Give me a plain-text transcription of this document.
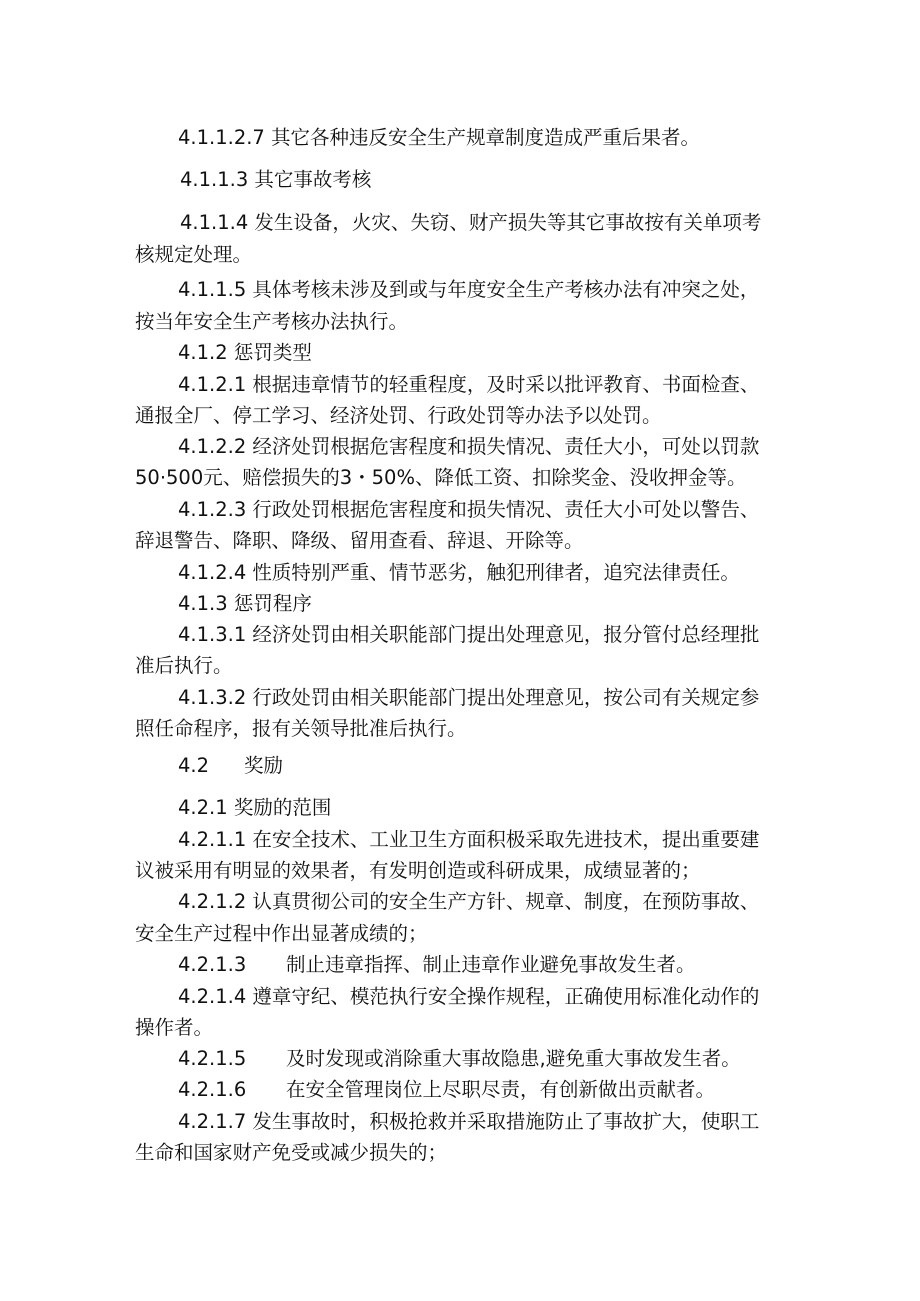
4.1.1.2.7 其它各种违反安全生产规章制度造成严重后果者。
4.1.1.3 其它事故考核
4.1.1.4 发生设备，火灾、失窃、财产损失等其它事故按有关单项考
核规定处理。
4.1.1.5 具体考核未涉及到或与年度安全生产考核办法有冲突之处，
按当年安全生产考核办法执行。
4.1.2 惩罚类型
4.1.2.1 根据违章情节的轻重程度，及时采以批评教育、书面检查、
通报全厂、停工学习、经济处罚、行政处罚等办法予以处罚。
4.1.2.2 经济处罚根据危害程度和损失情况、责任大小，可处以罚款
50·500元、赔偿损失的3・50%、降低工资、扣除奖金、没收押金等。
4.1.2.3 行政处罚根据危害程度和损失情况、责任大小可处以警告、
辞退警告、降职、降级、留用查看、辞退、开除等。
4.1.2.4 性质特别严重、情节恶劣，触犯刑律者，追究法律责任。
4.1.3 惩罚程序
4.1.3.1 经济处罚由相关职能部门提出处理意见，报分管付总经理批
准后执行。
4.1.3.2 行政处罚由相关职能部门提出处理意见，按公司有关规定参
照任命程序，报有关领导批准后执行。
4.2 奖励
4.2.1 奖励的范围
4.2.1.1 在安全技术、工业卫生方面积极采取先进技术，提出重要建
议被采用有明显的效果者，有发明创造或科研成果，成绩显著的；
4.2.1.2 认真贯彻公司的安全生产方针、规章、制度，在预防事故、
安全生产过程中作出显著成绩的；
4.2.1.3 制止违章指挥、制止违章作业避免事故发生者。
4.2.1.4 遵章守纪、模范执行安全操作规程，正确使用标准化动作的
操作者。
4.2.1.5 及时发现或消除重大事故隐患,避免重大事故发生者。
4.2.1.6 在安全管理岗位上尽职尽责，有创新做出贡献者。
4.2.1.7 发生事故时，积极抢救并采取措施防止了事故扩大，使职工
生命和国家财产免受或减少损失的；
